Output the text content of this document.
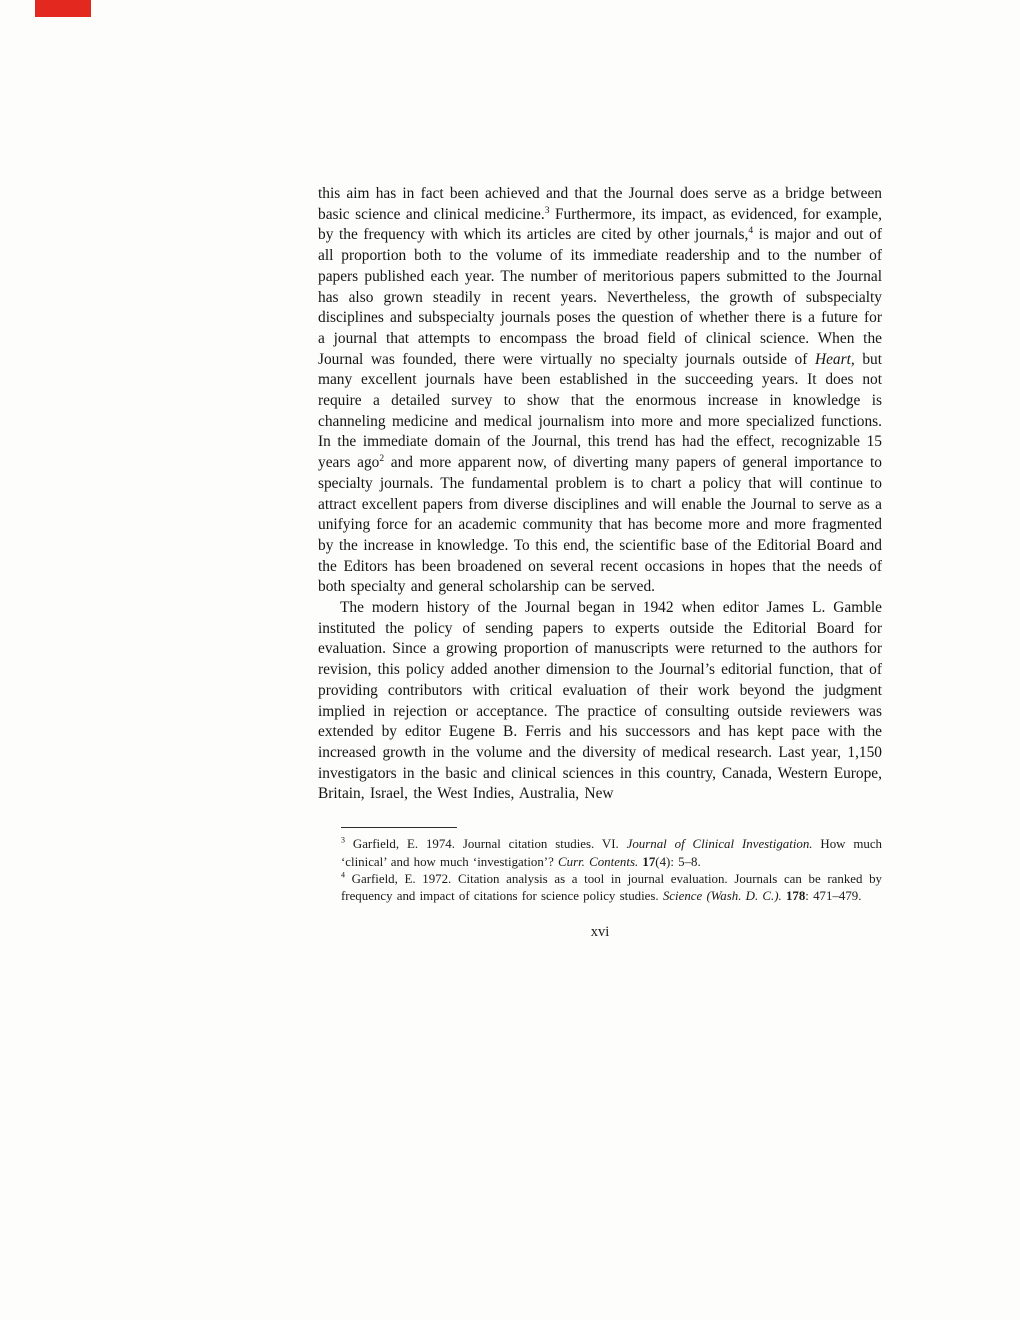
this aim has in fact been achieved and that the Journal does serve as a bridge between basic science and clinical medicine.$^3$ Furthermore, its impact, as evidenced, for example, by the frequency with which its articles are cited by other journals,$^4$ is major and out of all proportion both to the volume of its immediate readership and to the number of papers published each year. The number of meritorious papers submitted to the Journal has also grown steadily in recent years. Nevertheless, the growth of subspecialty disciplines and subspecialty journals poses the question of whether there is a future for a journal that attempts to encompass the broad field of clinical science. When the Journal was founded, there were virtually no specialty journals outside of Heart, but many excellent journals have been established in the succeeding years. It does not require a detailed survey to show that the enormous increase in knowledge is channeling medicine and medical journalism into more and more specialized functions. In the immediate domain of the Journal, this trend has had the effect, recognizable 15 years ago$^2$ and more apparent now, of diverting many papers of general importance to specialty journals. The fundamental problem is to chart a policy that will continue to attract excellent papers from diverse disciplines and will enable the Journal to serve as a unifying force for an academic community that has become more and more fragmented by the increase in knowledge. To this end, the scientific base of the Editorial Board and the Editors has been broadened on several recent occasions in hopes that the needs of both specialty and general scholarship can be served.

The modern history of the Journal began in 1942 when editor James L. Gamble instituted the policy of sending papers to experts outside the Editorial Board for evaluation. Since a growing proportion of manuscripts were returned to the authors for revision, this policy added another dimension to the Journal’s editorial function, that of providing contributors with critical evaluation of their work beyond the judgment implied in rejection or acceptance. The practice of consulting outside reviewers was extended by editor Eugene B. Ferris and his successors and has kept pace with the increased growth in the volume and the diversity of medical research. Last year, 1,150 investigators in the basic and clinical sciences in this country, Canada, Western Europe, Britain, Israel, the West Indies, Australia, New

$^3$ Garfield, E. 1974. Journal citation studies. VI. Journal of Clinical Investigation. How much ‘clinical’ and how much ‘investigation’? Curr. Contents. 17(4): 5–8.

$^4$ Garfield, E. 1972. Citation analysis as a tool in journal evaluation. Journals can be ranked by frequency and impact of citations for science policy studies. Science (Wash. D. C.). 178: 471–479.

xvi
